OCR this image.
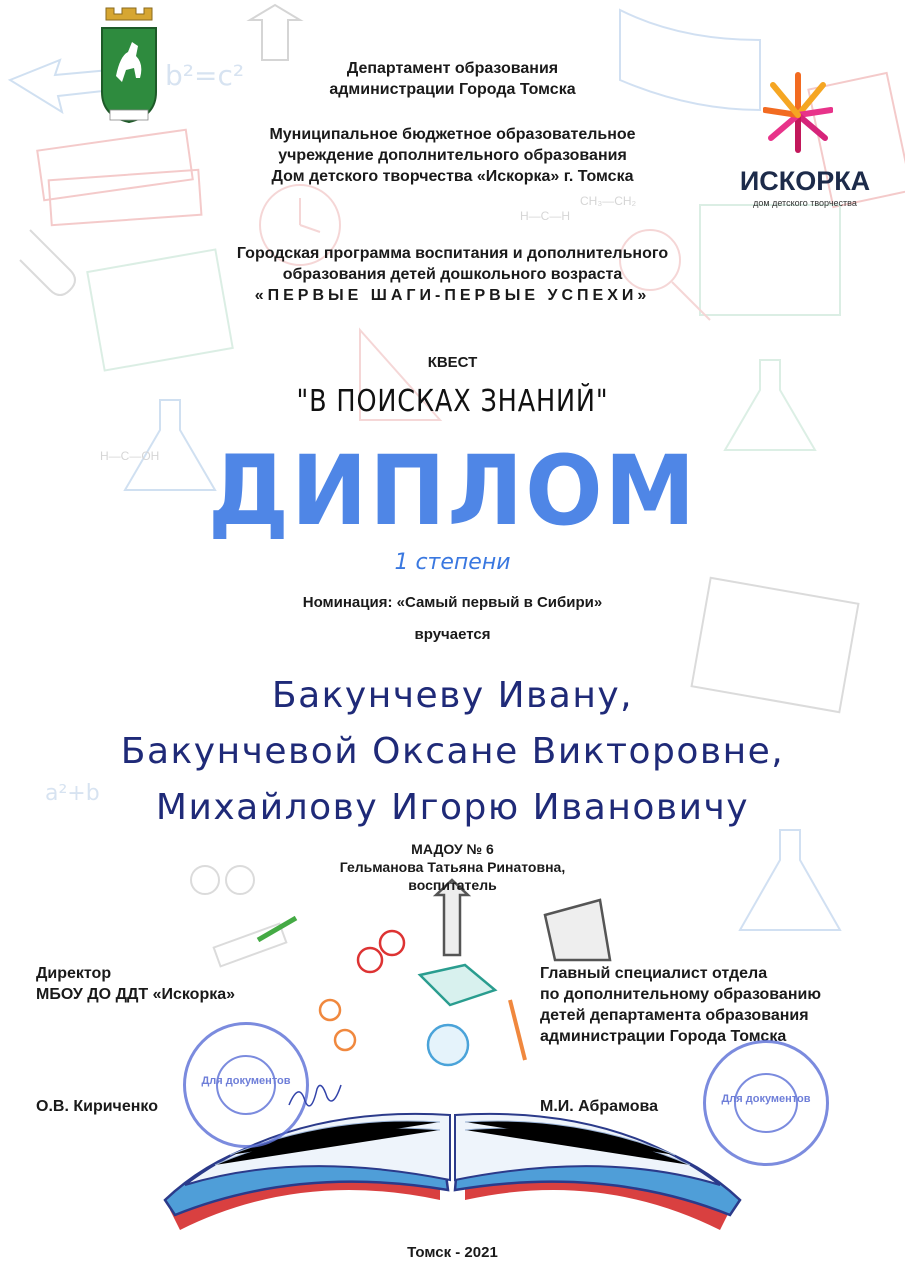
b²=c²
H—C—H
CH₃—CH₂
H—C—OH
a²+b
ИСКОРКА
дом детского творчества
Департамент образования
администрации Города Томска
Муниципальное бюджетное образовательное
учреждение дополнительного образования
Дом детского творчества «Искорка» г. Томска
Городская программа воспитания и дополнительного
образования детей дошкольного возраста
«ПЕРВЫЕ ШАГИ-ПЕРВЫЕ УСПЕХИ»
КВЕСТ
"В ПОИСКАХ ЗНАНИЙ"
ДИПЛОМ
1 степени
Номинация: «Самый первый в Сибири»
вручается
Бакунчеву Ивану,
Бакунчевой Оксане Викторовне,
Михайлову Игорю Ивановичу
МАДОУ № 6
Гельманова Татьяна Ринатовна,
воспитатель
Директор
МБОУ ДО ДДТ «Искорка»
О.В. Кириченко
Для документов
Главный специалист отдела
по дополнительному образованию
детей департамента образования
администрации Города Томска
М.И. Абрамова	Для документов
Томск - 2021
